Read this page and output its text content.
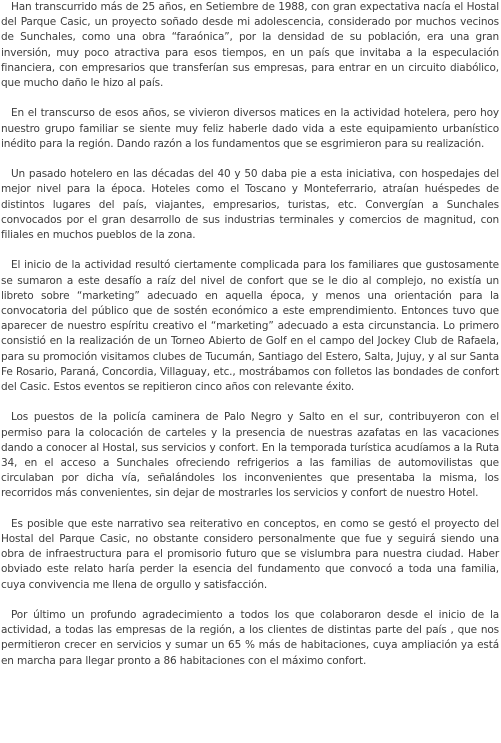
Han transcurrido más de 25 años, en Setiembre de 1988, con gran expectativa nacía el Hostal del Parque Casic, un proyecto soñado desde mi adolescencia, considerado por muchos vecinos de Sunchales, como una obra “faraónica”, por la densidad de su población, era una gran inversión, muy poco atractiva para esos tiempos, en un país que invitaba a la especulación financiera, con empresarios que transferían sus empresas, para entrar en un circuito diabólico, que mucho daño le hizo al país.

En el transcurso de esos años, se vivieron diversos matices en la actividad hotelera, pero hoy nuestro grupo familiar se siente muy feliz haberle dado vida a este equipamiento urbanístico inédito para la región. Dando razón a los fundamentos que se esgrimieron para su realización.

Un pasado hotelero en las décadas del 40 y 50 daba pie a esta iniciativa, con hospedajes del mejor nivel para la época. Hoteles como el Toscano y Monteferrario, atraían huéspedes de distintos lugares del país, viajantes, empresarios, turistas, etc. Convergían a Sunchales convocados por el gran desarrollo de sus industrias terminales y comercios de magnitud, con filiales en muchos pueblos de la zona.

El inicio de la actividad resultó ciertamente complicada para los familiares que gustosamente se sumaron a este desafío a raíz del nivel de confort que se le dio al complejo, no existía un libreto sobre “marketing” adecuado en aquella época, y menos una orientación para la convocatoria del público que de sostén económico a este emprendimiento. Entonces tuvo que aparecer de nuestro espíritu creativo el “marketing” adecuado a esta circunstancia. Lo primero consistió en la realización de un Torneo Abierto de Golf en el campo del Jockey Club de Rafaela, para su promoción visitamos clubes de Tucumán, Santiago del Estero, Salta, Jujuy, y al sur Santa Fe Rosario, Paraná, Concordia, Villaguay, etc., mostrábamos con folletos las bondades de confort del Casic. Estos eventos se repitieron cinco años con relevante éxito.

Los puestos de la policía caminera de Palo Negro y Salto en el sur, contribuyeron con el permiso para la colocación de carteles y la presencia de nuestras azafatas en las vacaciones dando a conocer al Hostal, sus servicios y confort. En la temporada turística acudíamos a la Ruta 34, en el acceso a Sunchales ofreciendo refrigerios a las familias de automovilistas que circulaban por dicha vía, señalándoles los inconvenientes que presentaba la misma, los recorridos más convenientes, sin dejar de mostrarles los servicios y confort de nuestro Hotel.

Es posible que este narrativo sea reiterativo en conceptos, en como se gestó el proyecto del Hostal del Parque Casic, no obstante considero personalmente que fue y seguirá siendo una obra de infraestructura para el promisorio futuro que se vislumbra para nuestra ciudad. Haber obviado este relato haría perder la esencia del fundamento que convocó a toda una familia, cuya convivencia me llena de orgullo y satisfacción.

Por último un profundo agradecimiento a todos los que colaboraron desde el inicio de la actividad, a todas las empresas de la región, a los clientes de distintas parte del país , que nos permitieron crecer en servicios y sumar un 65 % más de habitaciones, cuya ampliación ya está en marcha para llegar pronto a 86 habitaciones con el máximo confort.
